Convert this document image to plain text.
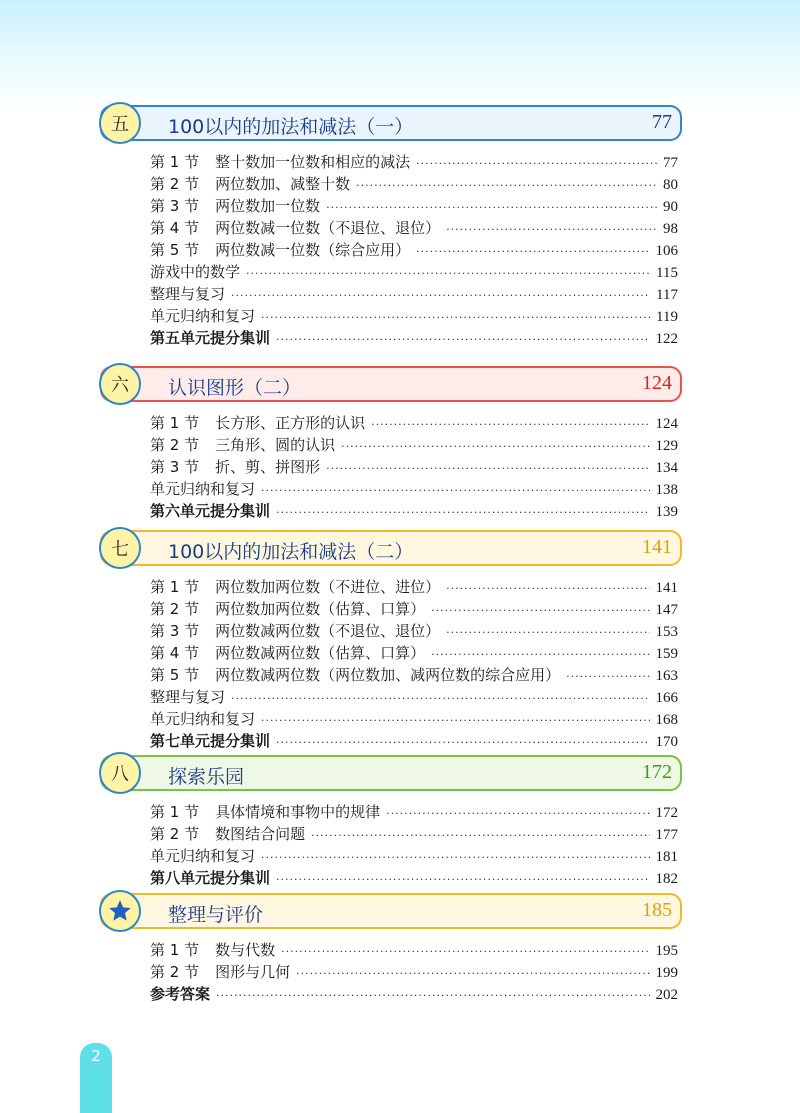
五	100以内的加法和减法（一）	77
第 1 节 整十数加一位数和相应的减法 ·····	77
第 2 节 两位数加、减整十数 ·····	80
第 3 节 两位数加一位数 ·····	90
第 4 节 两位数减一位数（不退位、退位） ·····	98
第 5 节 两位数减一位数（综合应用） ·····	106
游戏中的数学 ·····	115
整理与复习 ·····	117
单元归纳和复习 ·····	119
第五单元提分集训 ·····	122
六	认识图形（二）	124
第 1 节 长方形、正方形的认识 ·····	124
第 2 节 三角形、圆的认识 ·····	129
第 3 节 折、剪、拼图形 ·····	134
单元归纳和复习 ·····	138
第六单元提分集训 ·····	139
七	100以内的加法和减法（二）	141
第 1 节 两位数加两位数（不进位、进位） ·····	141
第 2 节 两位数加两位数（估算、口算） ·····	147
第 3 节 两位数减两位数（不退位、退位） ·····	153
第 4 节 两位数减两位数（估算、口算） ·····	159
第 5 节 两位数减两位数（两位数加、减两位数的综合应用） ·····	163
整理与复习 ·····	166
单元归纳和复习 ·····	168
第七单元提分集训 ·····	170
八	探索乐园	172
第 1 节 具体情境和事物中的规律 ·····	172
第 2 节 数图结合问题 ·····	177
单元归纳和复习 ·····	181
第八单元提分集训 ·····	182
整理与评价	185
第 1 节 数与代数 ·····	195
第 2 节 图形与几何 ·····	199
参考答案 ·····	202
2
